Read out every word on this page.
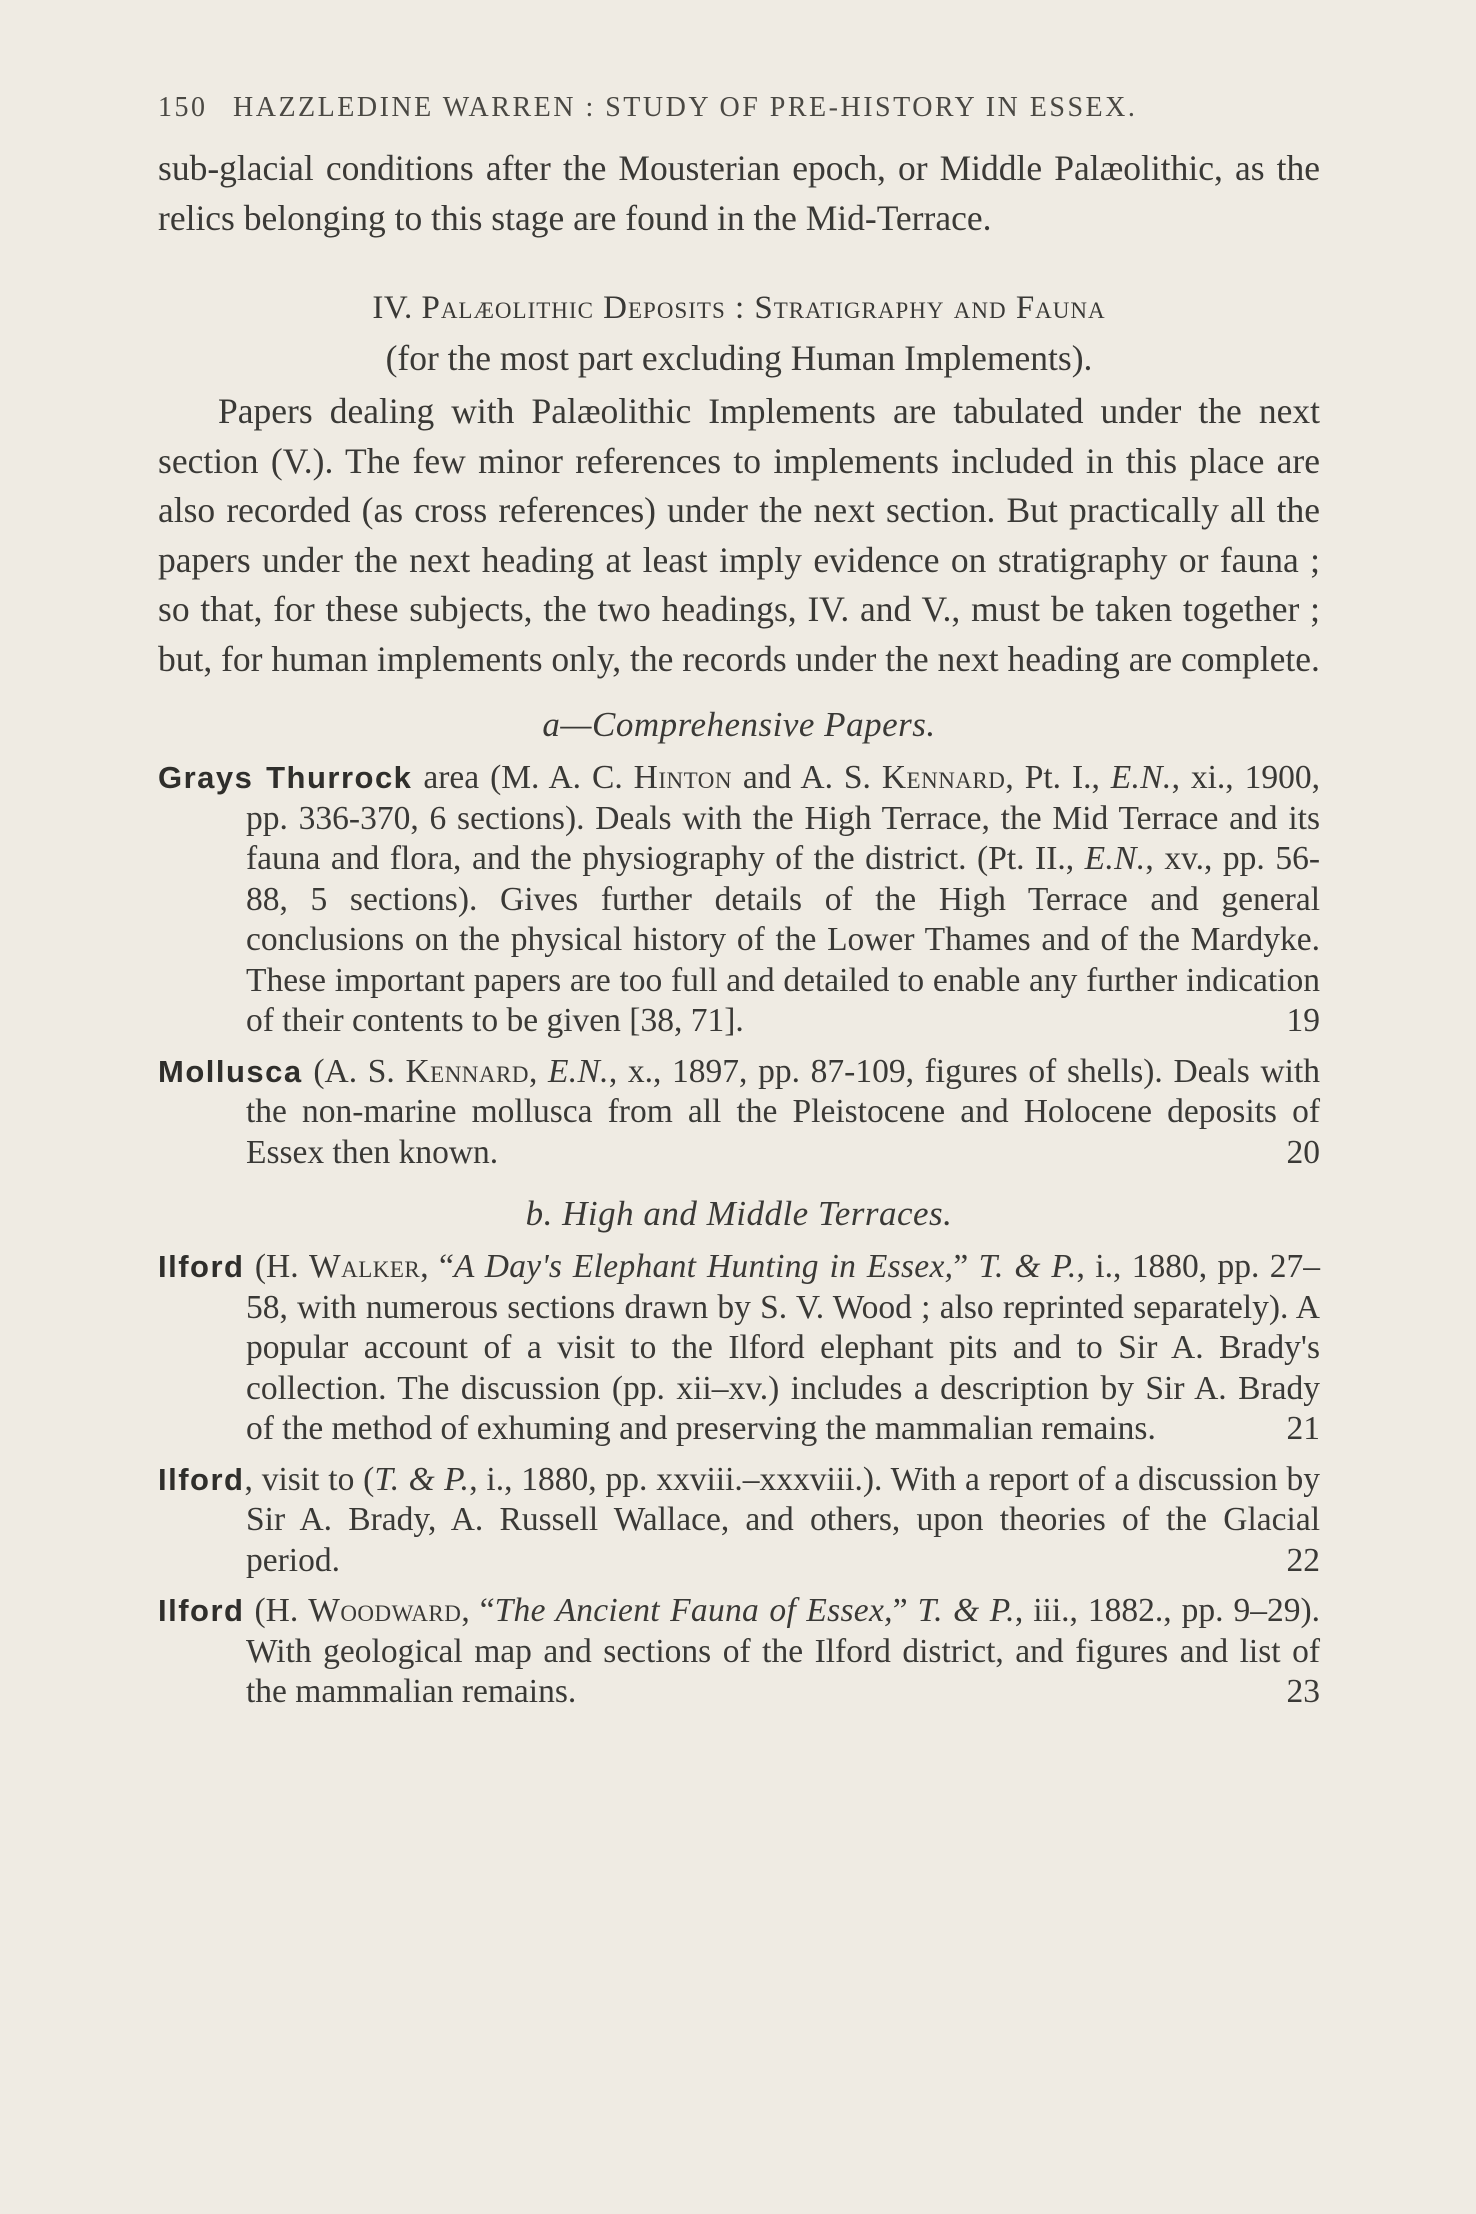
150 HAZZLEDINE WARREN : STUDY OF PRE-HISTORY IN ESSEX.

sub-glacial conditions after the Mousterian epoch, or Middle Palæolithic, as the relics belonging to this stage are found in the Mid-Terrace.

IV. Palæolithic Deposits : Stratigraphy and Fauna
(for the most part excluding Human Implements).

Papers dealing with Palæolithic Implements are tabulated under the next section (V.). The few minor references to implements included in this place are also recorded (as cross references) under the next section. But practically all the papers under the next heading at least imply evidence on stratigraphy or fauna ; so that, for these subjects, the two headings, IV. and V., must be taken together ; but, for human implements only, the records under the next heading are complete.

a—Comprehensive Papers.

Grays Thurrock area (M. A. C. Hinton and A. S. Kennard, Pt. I., E.N., xi., 1900, pp. 336-370, 6 sections). Deals with the High Terrace, the Mid Terrace and its fauna and flora, and the physiography of the district. (Pt. II., E.N., xv., pp. 56-88, 5 sections). Gives further details of the High Terrace and general conclusions on the physical history of the Lower Thames and of the Mardyke. These important papers are too full and detailed to enable any further indication of their contents to be given [38, 71].	19

Mollusca (A. S. Kennard, E.N., x., 1897, pp. 87-109, figures of shells). Deals with the non-marine mollusca from all the Pleistocene and Holocene deposits of Essex then known.	20

b. High and Middle Terraces.

Ilford (H. Walker, “A Day's Elephant Hunting in Essex,” T. & P., i., 1880, pp. 27–58, with numerous sections drawn by S. V. Wood ; also reprinted separately). A popular account of a visit to the Ilford elephant pits and to Sir A. Brady's collection. The discussion (pp. xii–xv.) includes a description by Sir A. Brady of the method of exhuming and preserving the mammalian remains.	21

Ilford, visit to (T. & P., i., 1880, pp. xxviii.–xxxviii.). With a report of a discussion by Sir A. Brady, A. Russell Wallace, and others, upon theories of the Glacial period.	22

Ilford (H. Woodward, “The Ancient Fauna of Essex,” T. & P., iii., 1882., pp. 9–29). With geological map and sections of the Ilford district, and figures and list of the mammalian remains.	23
